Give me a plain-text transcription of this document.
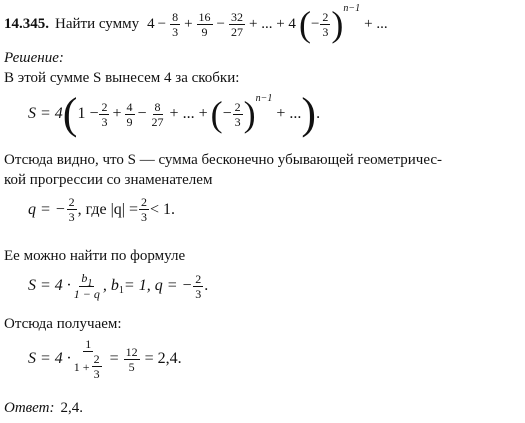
14.345. Найти сумму $4 - \frac{8}{3} + \frac{16}{9} - \frac{32}{27}$ + ... + 4 ( − $\frac{2}{3}$ ) n−1
+ ...
Решение:
В этой сумме S вынесем 4 за скобки:
S = 4 ( $1 - \frac{2}{3} + \frac{4}{9} - \frac{8}{27}$ + ... + ( − $\frac{2}{3}$ ) n−1
+ ... ) .
Отсюда видно, что S — сумма бесконечно убывающей геометричес-
кой прогрессии со знаменателем
q = − $\frac{2}{3}$ , где $|q| = \frac{2}{3} < 1$.
Ее можно найти по формуле
$S = 4 \cdot \frac{b_1}{1 - q}$ , b 1 = 1, q = − $\frac{2}{3}$ .
Отсюда получаем:
$S = 4 \cdot \frac{1}{1 + \frac{2}{3}} = \frac{12}{5} = 2,4$.
Ответ: 2,4.
